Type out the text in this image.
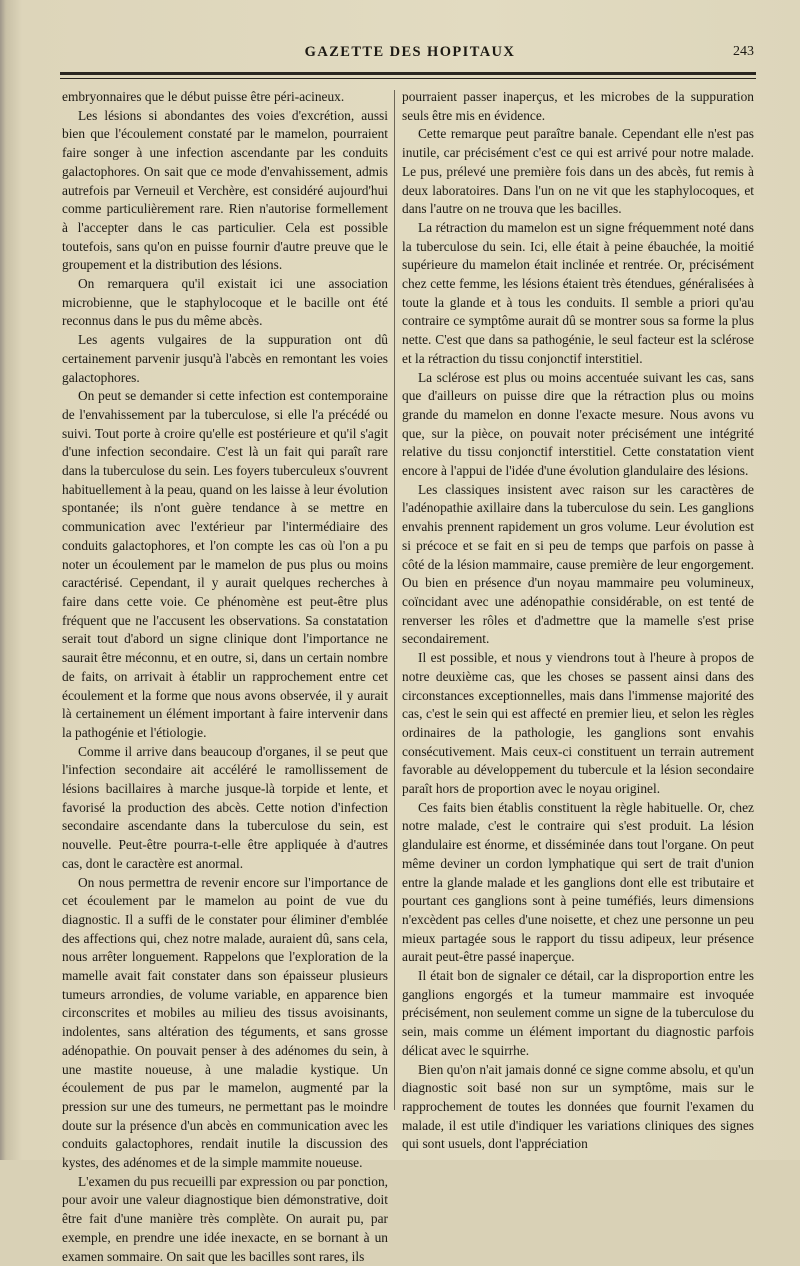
GAZETTE DES HOPITAUX	243

embryonnaires que le début puisse être péri-acineux.

Les lésions si abondantes des voies d'excrétion, aussi bien que l'écoulement constaté par le mamelon, pourraient faire songer à une infection ascendante par les conduits galactophores. On sait que ce mode d'envahissement, admis autrefois par Verneuil et Verchère, est considéré aujourd'hui comme particulièrement rare. Rien n'autorise formellement à l'accepter dans le cas particulier. Cela est possible toutefois, sans qu'on en puisse fournir d'autre preuve que le groupement et la distribution des lésions.

On remarquera qu'il existait ici une association microbienne, que le staphylocoque et le bacille ont été reconnus dans le pus du même abcès.

Les agents vulgaires de la suppuration ont dû certainement parvenir jusqu'à l'abcès en remontant les voies galactophores.

On peut se demander si cette infection est contemporaine de l'envahissement par la tuberculose, si elle l'a précédé ou suivi. Tout porte à croire qu'elle est postérieure et qu'il s'agit d'une infection secondaire. C'est là un fait qui paraît rare dans la tuberculose du sein. Les foyers tuberculeux s'ouvrent habituellement à la peau, quand on les laisse à leur évolution spontanée; ils n'ont guère tendance à se mettre en communication avec l'extérieur par l'intermédiaire des conduits galactophores, et l'on compte les cas où l'on a pu noter un écoulement par le mamelon de pus plus ou moins caractérisé. Cependant, il y aurait quelques recherches à faire dans cette voie. Ce phénomène est peut-être plus fréquent que ne l'accusent les observations. Sa constatation serait tout d'abord un signe clinique dont l'importance ne saurait être méconnu, et en outre, si, dans un certain nombre de faits, on arrivait à établir un rapprochement entre cet écoulement et la forme que nous avons observée, il y aurait là certainement un élément important à faire intervenir dans la pathogénie et l'étiologie.

Comme il arrive dans beaucoup d'organes, il se peut que l'infection secondaire ait accéléré le ramollissement de lésions bacillaires à marche jusque-là torpide et lente, et favorisé la production des abcès. Cette notion d'infection secondaire ascendante dans la tuberculose du sein, est nouvelle. Peut-être pourra-t-elle être appliquée à d'autres cas, dont le caractère est anormal.

On nous permettra de revenir encore sur l'importance de cet écoulement par le mamelon au point de vue du diagnostic. Il a suffi de le constater pour éliminer d'emblée des affections qui, chez notre malade, auraient dû, sans cela, nous arrêter longuement. Rappelons que l'exploration de la mamelle avait fait constater dans son épaisseur plusieurs tumeurs arrondies, de volume variable, en apparence bien circonscrites et mobiles au milieu des tissus avoisinants, indolentes, sans altération des téguments, et sans grosse adénopathie. On pouvait penser à des adénomes du sein, à une mastite noueuse, à une maladie kystique. Un écoulement de pus par le mamelon, augmenté par la pression sur une des tumeurs, ne permettant pas le moindre doute sur la présence d'un abcès en communication avec les conduits galactophores, rendait inutile la discussion des kystes, des adénomes et de la simple mammite noueuse.

L'examen du pus recueilli par expression ou par ponction, pour avoir une valeur diagnostique bien démonstrative, doit être fait d'une manière très complète. On aurait pu, par exemple, en prendre une idée inexacte, en se bornant à un examen sommaire. On sait que les bacilles sont rares, ils

pourraient passer inaperçus, et les microbes de la suppuration seuls être mis en évidence.

Cette remarque peut paraître banale. Cependant elle n'est pas inutile, car précisément c'est ce qui est arrivé pour notre malade. Le pus, prélevé une première fois dans un des abcès, fut remis à deux laboratoires. Dans l'un on ne vit que les staphylocoques, et dans l'autre on ne trouva que les bacilles.

La rétraction du mamelon est un signe fréquemment noté dans la tuberculose du sein. Ici, elle était à peine ébauchée, la moitié supérieure du mamelon était inclinée et rentrée. Or, précisément chez cette femme, les lésions étaient très étendues, généralisées à toute la glande et à tous les conduits. Il semble a priori qu'au contraire ce symptôme aurait dû se montrer sous sa forme la plus nette. C'est que dans sa pathogénie, le seul facteur est la sclérose et la rétraction du tissu conjonctif interstitiel.

La sclérose est plus ou moins accentuée suivant les cas, sans que d'ailleurs on puisse dire que la rétraction plus ou moins grande du mamelon en donne l'exacte mesure. Nous avons vu que, sur la pièce, on pouvait noter précisément une intégrité relative du tissu conjonctif interstitiel. Cette constatation vient encore à l'appui de l'idée d'une évolution glandulaire des lésions.

Les classiques insistent avec raison sur les caractères de l'adénopathie axillaire dans la tuberculose du sein. Les ganglions envahis prennent rapidement un gros volume. Leur évolution est si précoce et se fait en si peu de temps que parfois on passe à côté de la lésion mammaire, cause première de leur engorgement. Ou bien en présence d'un noyau mammaire peu volumineux, coïncidant avec une adénopathie considérable, on est tenté de renverser les rôles et d'admettre que la mamelle s'est prise secondairement.

Il est possible, et nous y viendrons tout à l'heure à propos de notre deuxième cas, que les choses se passent ainsi dans des circonstances exceptionnelles, mais dans l'immense majorité des cas, c'est le sein qui est affecté en premier lieu, et selon les règles ordinaires de la pathologie, les ganglions sont envahis consécutivement. Mais ceux-ci constituent un terrain autrement favorable au développement du tubercule et la lésion secondaire paraît hors de proportion avec le noyau originel.

Ces faits bien établis constituent la règle habituelle. Or, chez notre malade, c'est le contraire qui s'est produit. La lésion glandulaire est énorme, et disséminée dans tout l'organe. On peut même deviner un cordon lymphatique qui sert de trait d'union entre la glande malade et les ganglions dont elle est tributaire et pourtant ces ganglions sont à peine tuméfiés, leurs dimensions n'excèdent pas celles d'une noisette, et chez une personne un peu mieux partagée sous le rapport du tissu adipeux, leur présence aurait peut-être passé inaperçue.

Il était bon de signaler ce détail, car la disproportion entre les ganglions engorgés et la tumeur mammaire est invoquée précisément, non seulement comme un signe de la tuberculose du sein, mais comme un élément important du diagnostic parfois délicat avec le squirrhe.

Bien qu'on n'ait jamais donné ce signe comme absolu, et qu'un diagnostic soit basé non sur un symptôme, mais sur le rapprochement de toutes les données que fournit l'examen du malade, il est utile d'indiquer les variations cliniques des signes qui sont usuels, dont l'appréciation
